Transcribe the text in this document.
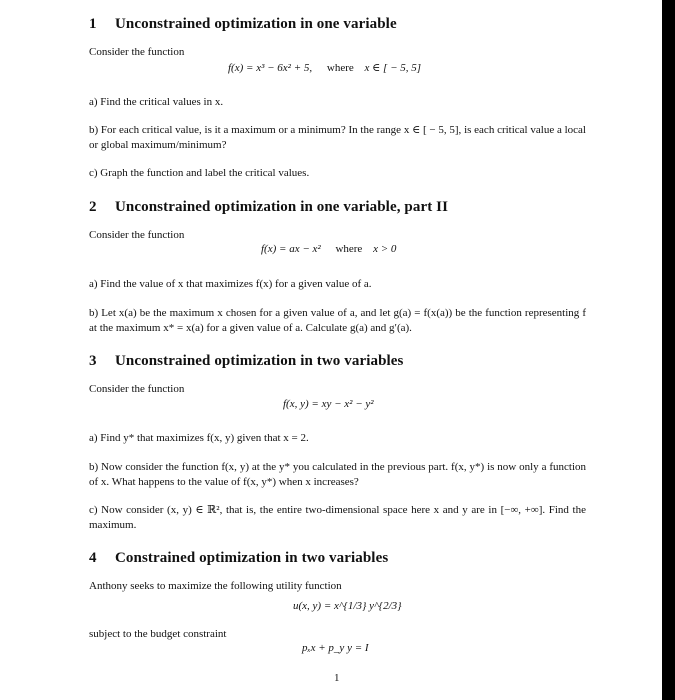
1 Unconstrained optimization in one variable
Consider the function
f(x) = x³ − 6x² + 5, where x ∈ [ − 5, 5]
a) Find the critical values in x.
b) For each critical value, is it a maximum or a minimum? In the range x ∈ [ − 5, 5], is each critical value a local or global maximum/minimum?
c) Graph the function and label the critical values.
2 Unconstrained optimization in one variable, part II
Consider the function
f(x) = ax − x² where x > 0
a) Find the value of x that maximizes f(x) for a given value of a.
b) Let x(a) be the maximum x chosen for a given value of a, and let g(a) = f(x(a)) be the function representing f at the maximum x* = x(a) for a given value of a. Calculate g(a) and g′(a).
3 Unconstrained optimization in two variables
Consider the function
f(x, y) = xy − x² − y²
a) Find y* that maximizes f(x, y) given that x = 2.
b) Now consider the function f(x, y) at the y* you calculated in the previous part. f(x, y*) is now only a function of x. What happens to the value of f(x, y*) when x increases?
c) Now consider (x, y) ∈ ℝ², that is, the entire two-dimensional space here x and y are in [−∞, +∞]. Find the maximum.
4 Constrained optimization in two variables
Anthony seeks to maximize the following utility function
u(x, y) = x^{1/3} y^{2/3}
subject to the budget constraint
pₓx + p_y y = I
1
